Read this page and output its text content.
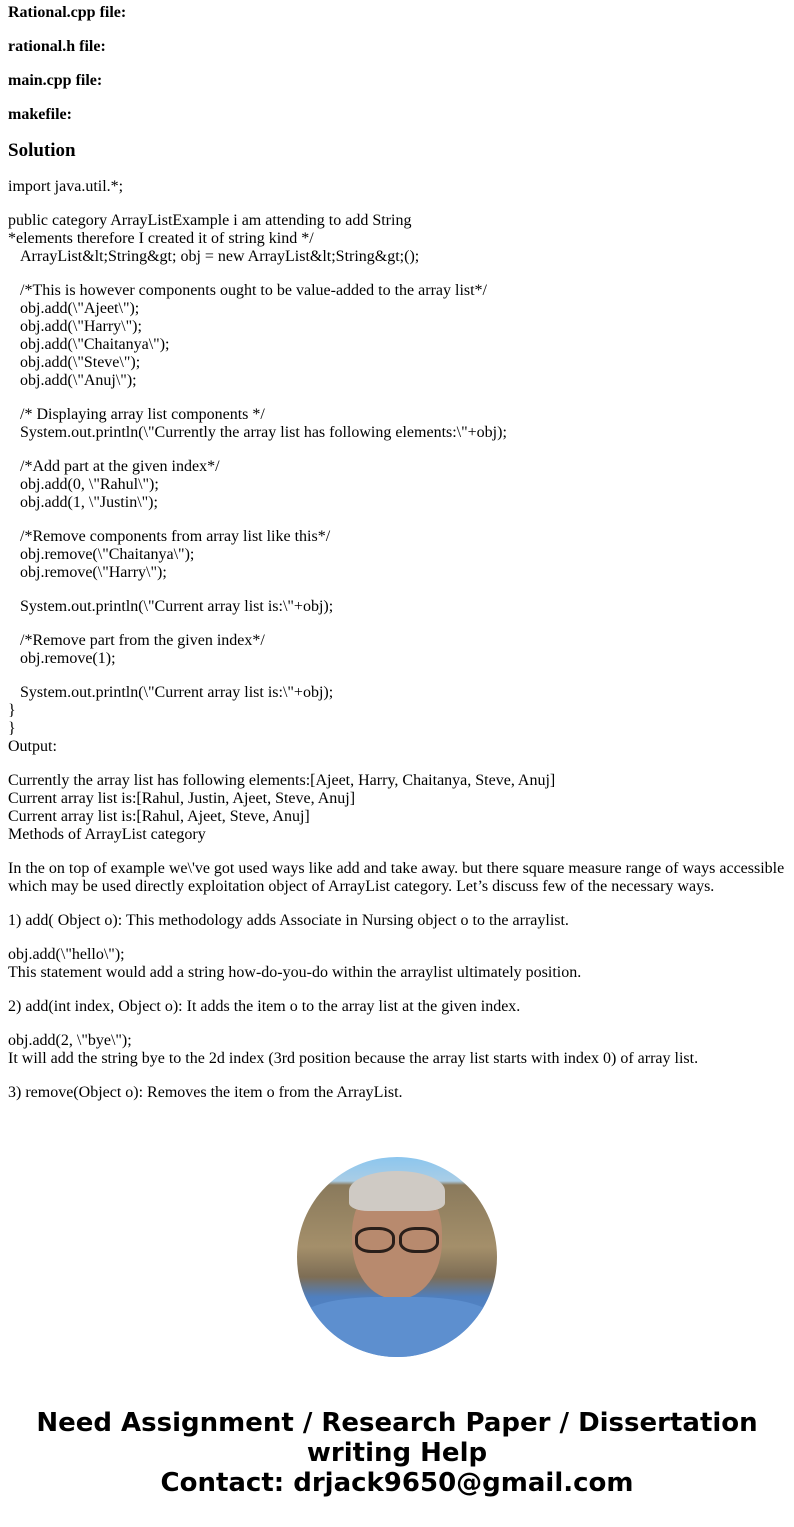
Rational.cpp file:
rational.h file:
main.cpp file:
makefile:
Solution

import java.util.*;

public category ArrayListExample i am attending to add String
*elements therefore I created it of string kind */
ArrayList&lt;String&gt; obj = new ArrayList&lt;String&gt;();

/*This is however components ought to be value-added to the array list*/
obj.add(\"Ajeet\");
obj.add(\"Harry\");
obj.add(\"Chaitanya\");
obj.add(\"Steve\");
obj.add(\"Anuj\");

/* Displaying array list components */
System.out.println(\"Currently the array list has following elements:\"+obj);

/*Add part at the given index*/
obj.add(0, \"Rahul\");
obj.add(1, \"Justin\");

/*Remove components from array list like this*/
obj.remove(\"Chaitanya\");
obj.remove(\"Harry\");

System.out.println(\"Current array list is:\"+obj);

/*Remove part from the given index*/
obj.remove(1);

System.out.println(\"Current array list is:\"+obj);
}
}
Output:

Currently the array list has following elements:[Ajeet, Harry, Chaitanya, Steve, Anuj]
Current array list is:[Rahul, Justin, Ajeet, Steve, Anuj]
Current array list is:[Rahul, Ajeet, Steve, Anuj]
Methods of ArrayList category

In the on top of example we\'ve got used ways like add and take away. but there square measure range of ways accessible which may be used directly exploitation object of ArrayList category. Let’s discuss few of the necessary ways.

1) add( Object o): This methodology adds Associate in Nursing object o to the arraylist.

obj.add(\"hello\");
This statement would add a string how-do-you-do within the arraylist ultimately position.

2) add(int index, Object o): It adds the item o to the array list at the given index.

obj.add(2, \"bye\");
It will add the string bye to the 2d index (3rd position because the array list starts with index 0) of array list.

3) remove(Object o): Removes the item o from the ArrayList.

Need Assignment / Research Paper / Dissertation
writing Help
Contact: drjack9650@gmail.com
